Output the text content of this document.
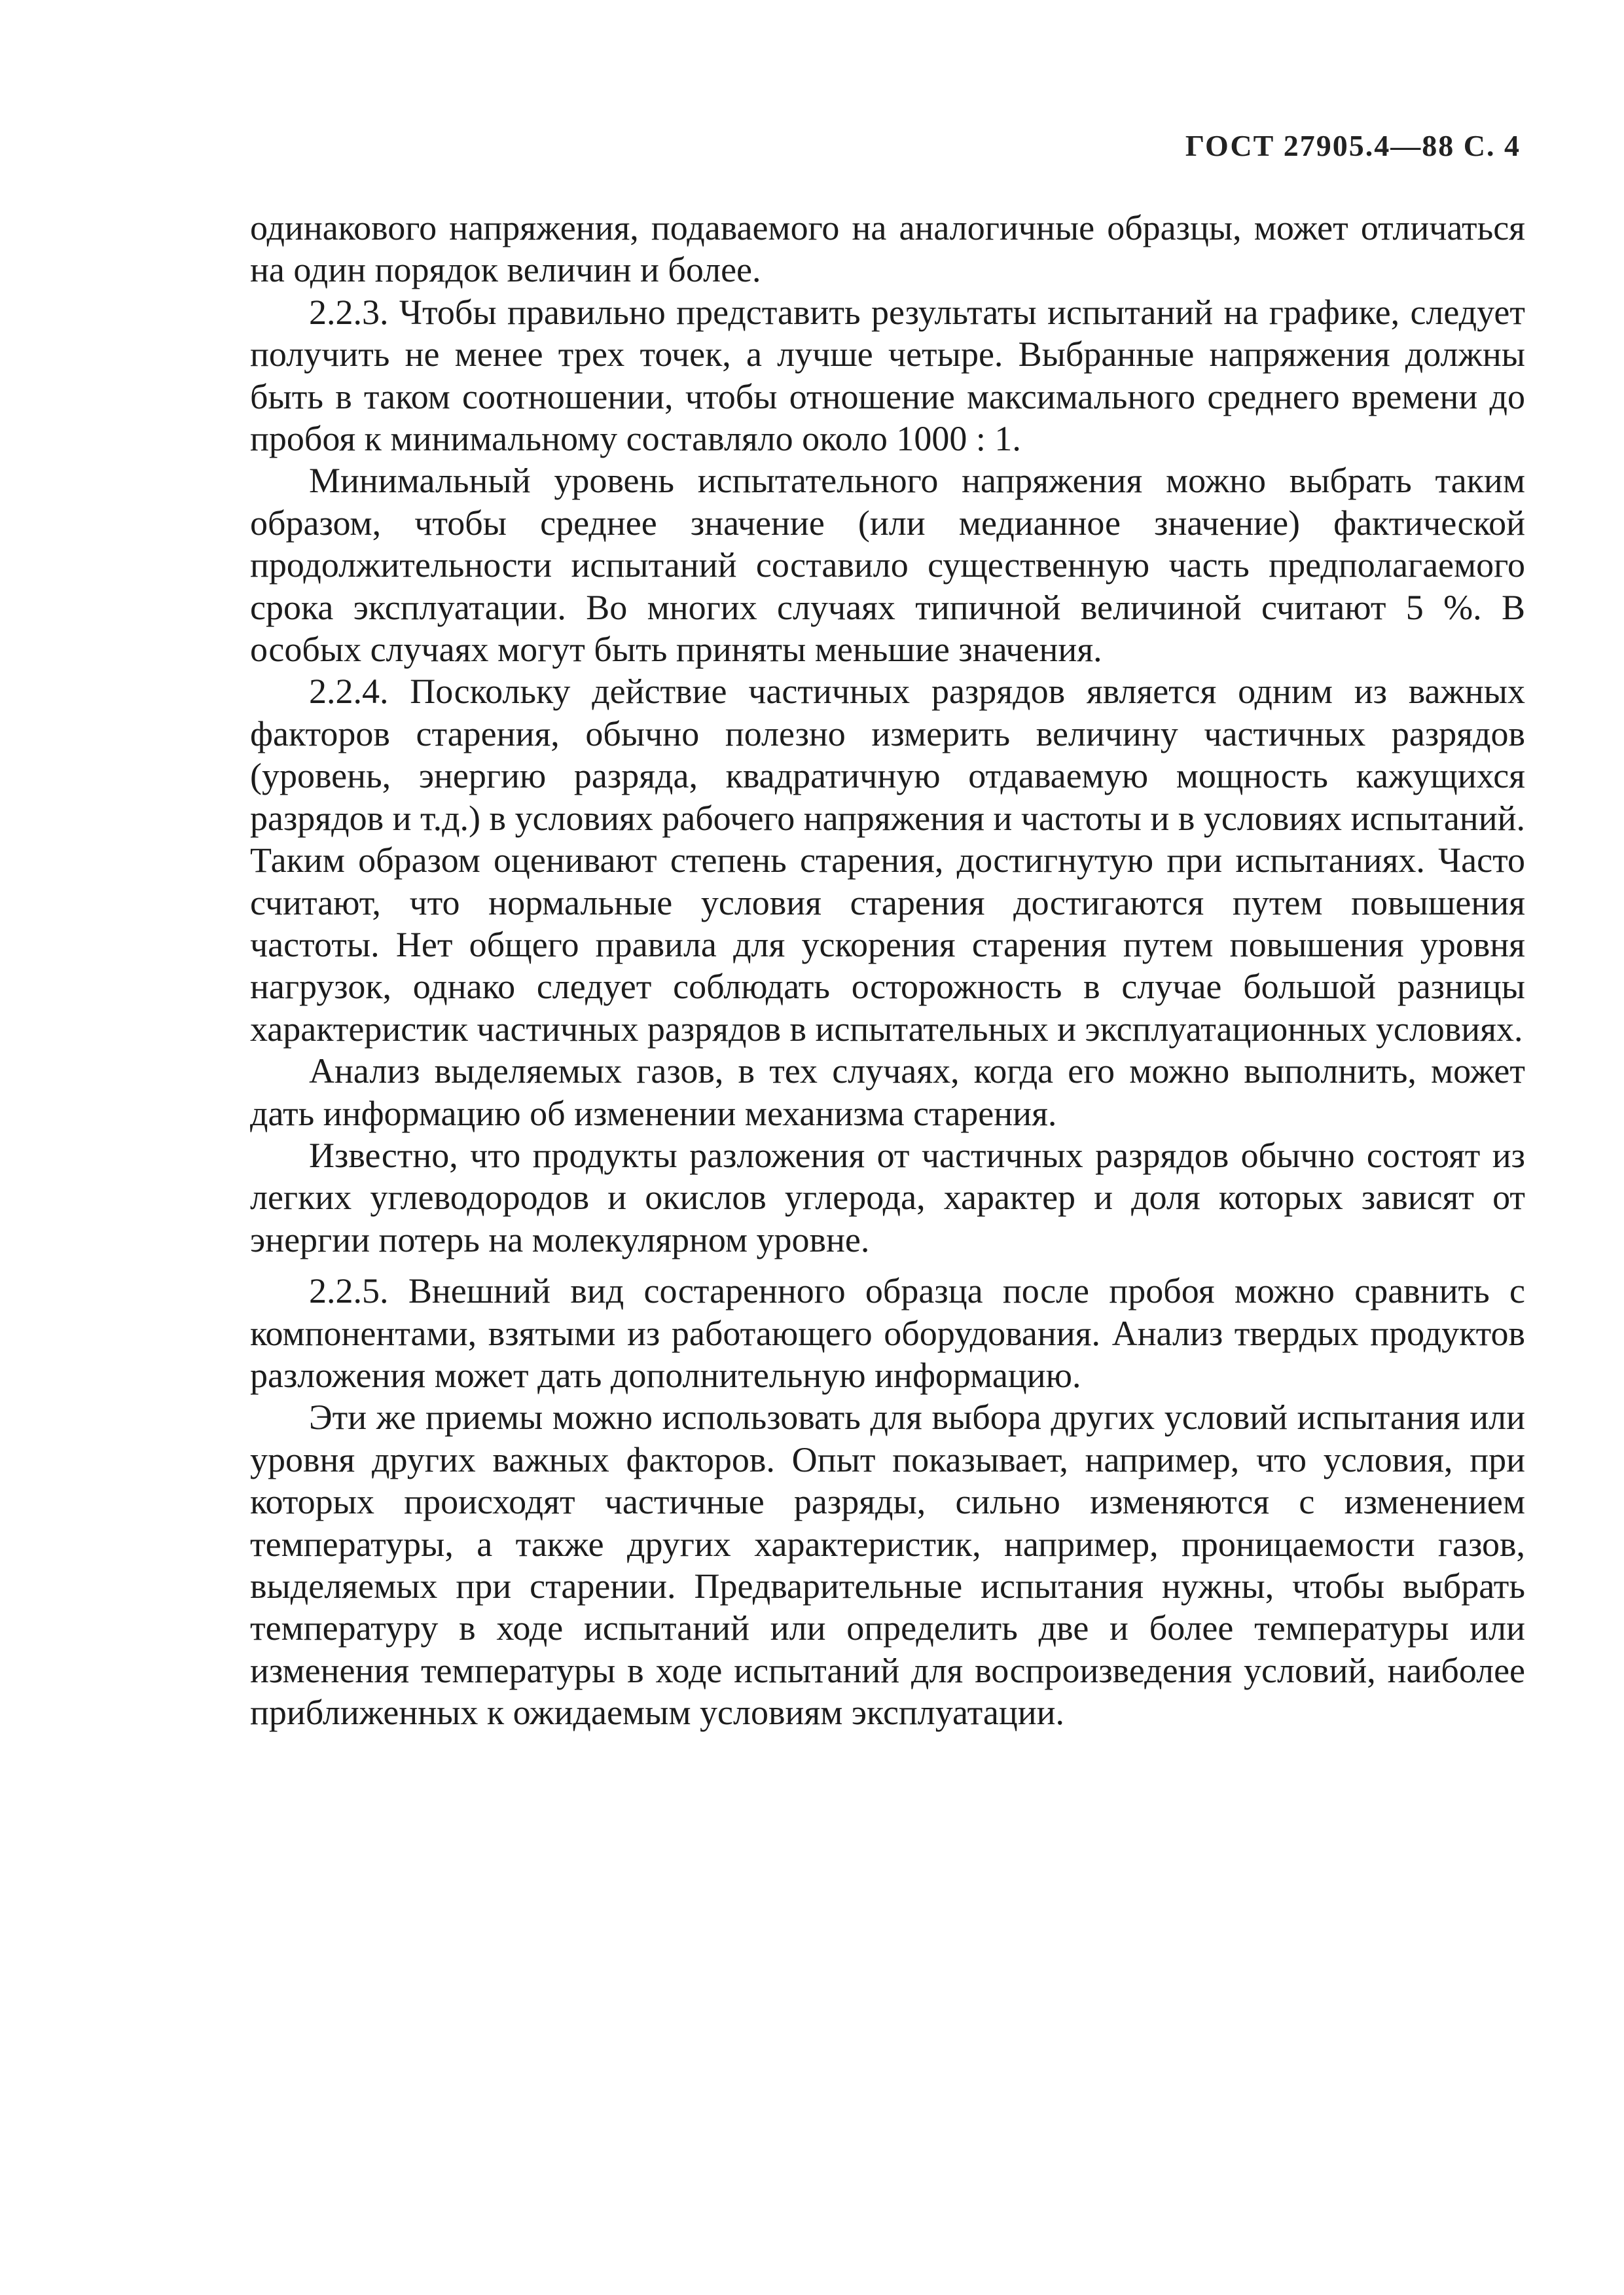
ГОСТ 27905.4—88 С. 4

одинакового напряжения, подаваемого на аналогичные образцы, может отличаться на один порядок величин и более.

2.2.3. Чтобы правильно представить результаты испытаний на графике, следует получить не менее трех точек, а лучше четыре. Выбранные напряжения должны быть в таком соотношении, чтобы отношение максимального среднего времени до пробоя к минимальному составляло около 1000 : 1.

Минимальный уровень испытательного напряжения можно выбрать таким образом, чтобы среднее значение (или медианное значение) фактической продолжительности испытаний составило существенную часть предполагаемого срока эксплуатации. Во многих случаях типичной величиной считают 5 %. В особых случаях могут быть приняты меньшие значения.

2.2.4. Поскольку действие частичных разрядов является одним из важных факторов старения, обычно полезно измерить величину частичных разрядов (уровень, энергию разряда, квадратичную отдаваемую мощность кажущихся разрядов и т.д.) в условиях рабочего напряжения и частоты и в условиях испытаний. Таким образом оценивают степень старения, достигнутую при испытаниях. Часто считают, что нормальные условия старения достигаются путем повышения частоты. Нет общего правила для ускорения старения путем повышения уровня нагрузок, однако следует соблюдать осторожность в случае большой разницы характеристик частичных разрядов в испытательных и эксплуатационных условиях.

Анализ выделяемых газов, в тех случаях, когда его можно выполнить, может дать информацию об изменении механизма старения.

Известно, что продукты разложения от частичных разрядов обычно состоят из легких углеводородов и окислов углерода, характер и доля которых зависят от энергии потерь на молекулярном уровне.

2.2.5. Внешний вид состаренного образца после пробоя можно сравнить с компонентами, взятыми из работающего оборудования. Анализ твердых продуктов разложения может дать дополнительную информацию.

Эти же приемы можно использовать для выбора других условий испытания или уровня других важных факторов. Опыт показывает, например, что условия, при которых происходят частичные разряды, сильно изменяются с изменением температуры, а также других характеристик, например, проницаемости газов, выделяемых при старении. Предварительные испытания нужны, чтобы выбрать температуру в ходе испытаний или определить две и более температуры или изменения температуры в ходе испытаний для воспроизведения условий, наиболее приближенных к ожидаемым условиям эксплуатации.
